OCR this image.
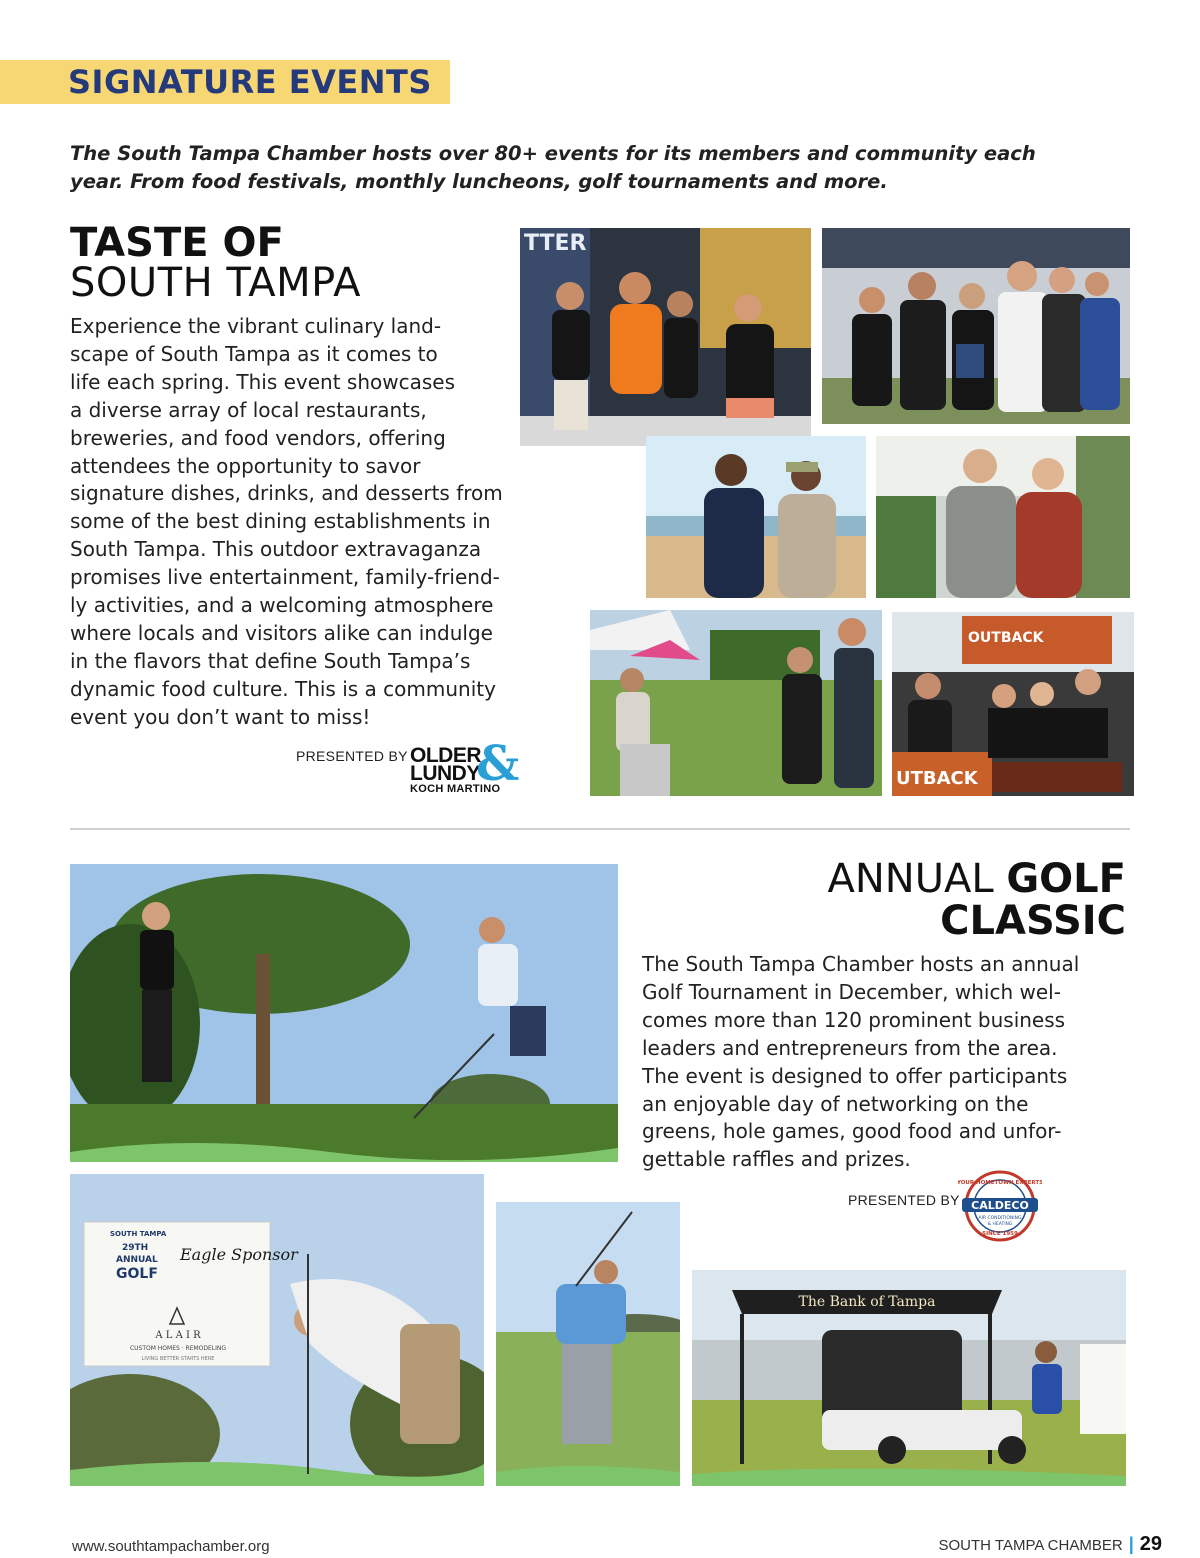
SIGNATURE EVENTS
The South Tampa Chamber hosts over 80+ events for its members and community each year. From food festivals, monthly luncheons, golf tournaments and more.
TASTE OF
SOUTH TAMPA
Experience the vibrant culinary land-
scape of South Tampa as it comes to
life each spring. This event showcases
a diverse array of local restaurants,
breweries, and food vendors, offering
attendees the opportunity to savor
signature dishes, drinks, and desserts from
some of the best dining establishments in
South Tampa. This outdoor extravaganza
promises live entertainment, family-friend-
ly activities, and a welcoming atmosphere
where locals and visitors alike can indulge
in the flavors that define South Tampa’s
dynamic food culture. This is a community
event you don’t want to miss!
PRESENTED BY OLDER
LUNDY
&
KOCH MARTINO
TTER
OUTBACK
UTBACK
ANNUAL GOLF
CLASSIC
The South Tampa Chamber hosts an annual
Golf Tournament in December, which wel-
comes more than 120 prominent business
leaders and entrepreneurs from the area.
The event is designed to offer participants
an enjoyable day of networking on the
greens, hole games, good food and unfor-
gettable raffles and prizes.
PRESENTED BY
YOUR HOMETOWN EXPERTS
CALDECO
AIR CONDITIONING
& HEATING
SINCE 1959
SOUTH TAMPA
29TH
ANNUAL
GOLF
Eagle Sponsor
A L A I R
CUSTOM HOMES · REMODELING
LIVING BETTER STARTS HERE
The Bank of Tampa
www.southtampachamber.org	SOUTH TAMPA CHAMBER | 29
